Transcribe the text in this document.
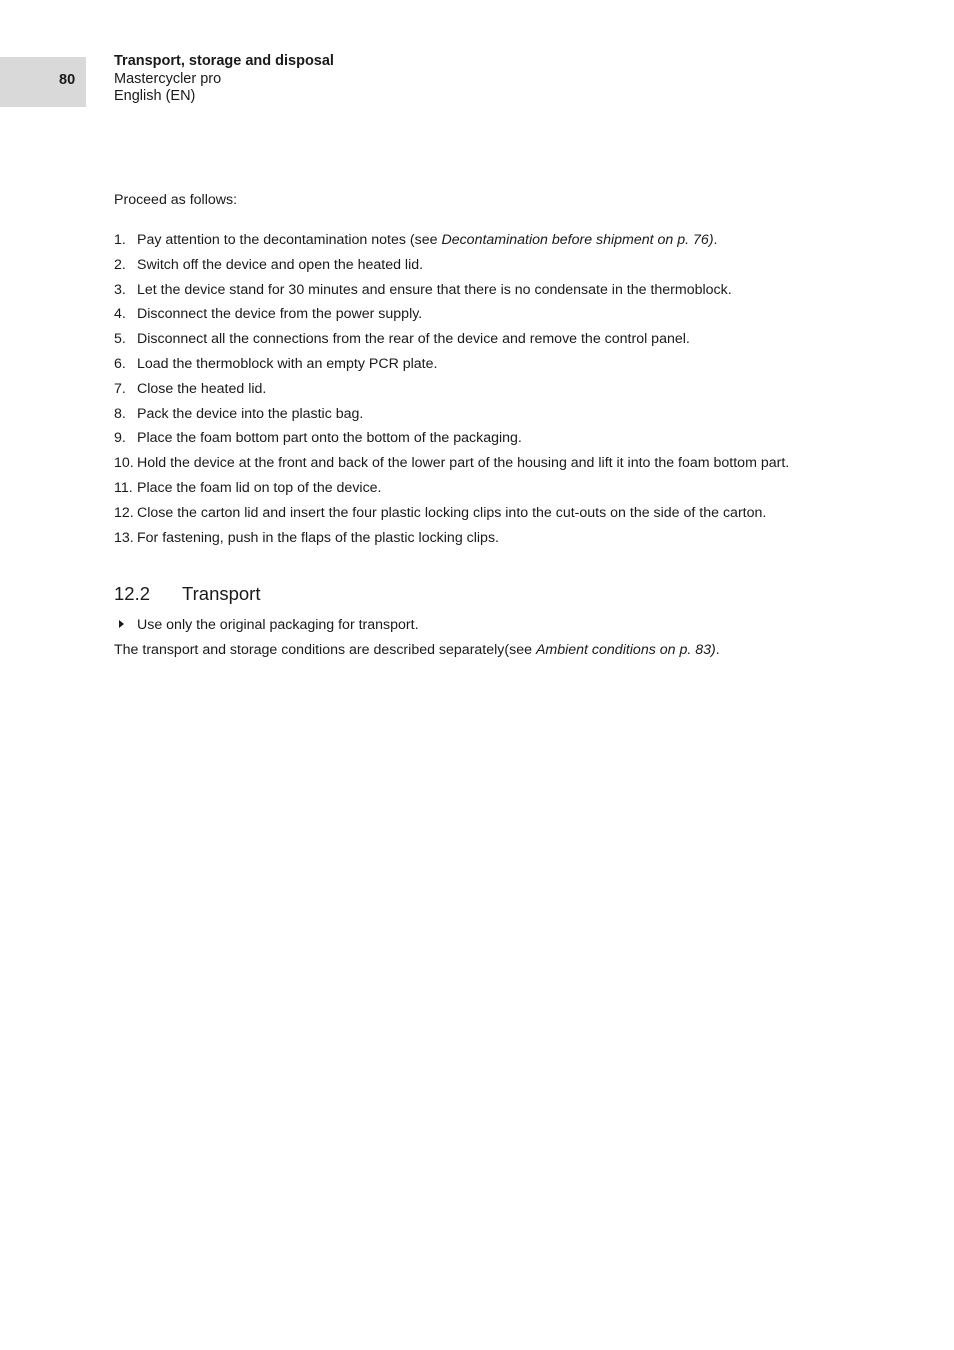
80
Transport, storage and disposal
Mastercycler pro
English (EN)

Proceed as follows:

1. Pay attention to the decontamination notes (see Decontamination before shipment on p. 76).
2. Switch off the device and open the heated lid.
3. Let the device stand for 30 minutes and ensure that there is no condensate in the thermoblock.
4. Disconnect the device from the power supply.
5. Disconnect all the connections from the rear of the device and remove the control panel.
6. Load the thermoblock with an empty PCR plate.
7. Close the heated lid.
8. Pack the device into the plastic bag.
9. Place the foam bottom part onto the bottom of the packaging.
10. Hold the device at the front and back of the lower part of the housing and lift it into the foam bottom part.
11. Place the foam lid on top of the device.
12. Close the carton lid and insert the four plastic locking clips into the cut-outs on the side of the carton.
13. For fastening, push in the flaps of the plastic locking clips.
12.2 Transport
Use only the original packaging for transport.

The transport and storage conditions are described separately(see Ambient conditions on p. 83).
